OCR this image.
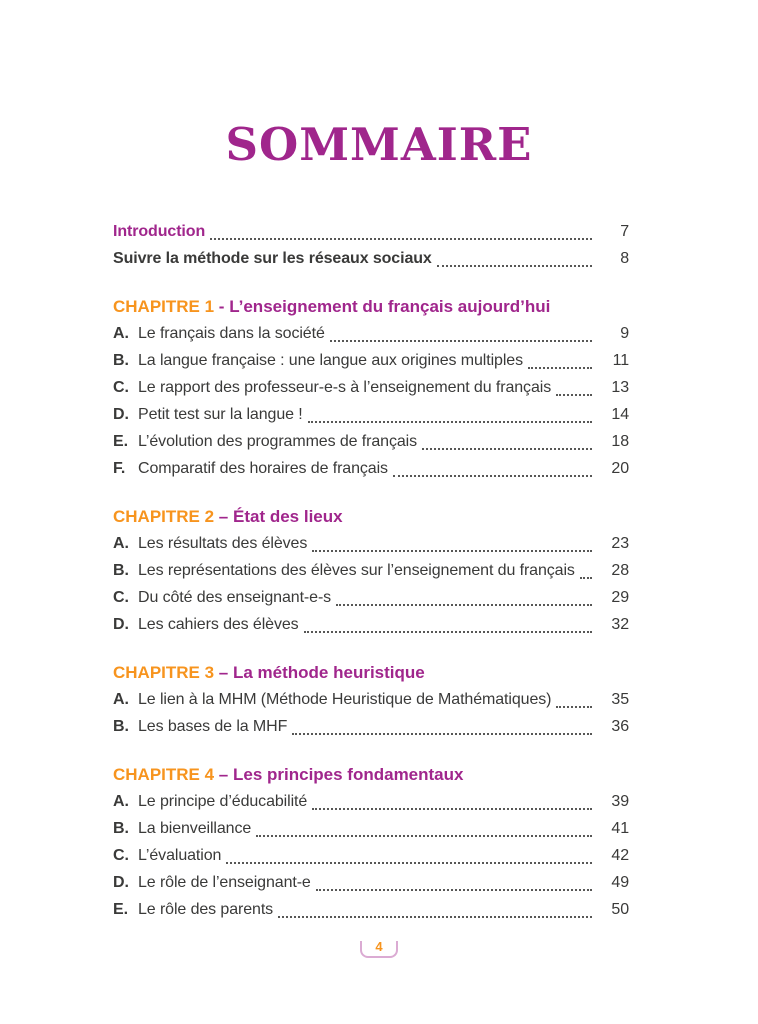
SOMMAIRE
Introduction	7
Suivre la méthode sur les réseaux sociaux	8
CHAPITRE 1 - L’enseignement du français aujourd’hui
A. Le français dans la société	9
B. La langue française : une langue aux origines multiples	11
C. Le rapport des professeur-e-s à l’enseignement du français	13
D. Petit test sur la langue !	14
E. L’évolution des programmes de français	18
F. Comparatif des horaires de français	20
CHAPITRE 2 – État des lieux
A. Les résultats des élèves	23
B. Les représentations des élèves sur l’enseignement du français	28
C. Du côté des enseignant-e-s	29
D. Les cahiers des élèves	32
CHAPITRE 3 – La méthode heuristique
A. Le lien à la MHM (Méthode Heuristique de Mathématiques)	35
B. Les bases de la MHF	36
CHAPITRE 4 – Les principes fondamentaux
A. Le principe d’éducabilité	39
B. La bienveillance	41
C. L’évaluation	42
D. Le rôle de l’enseignant-e	49
E. Le rôle des parents	50
4
